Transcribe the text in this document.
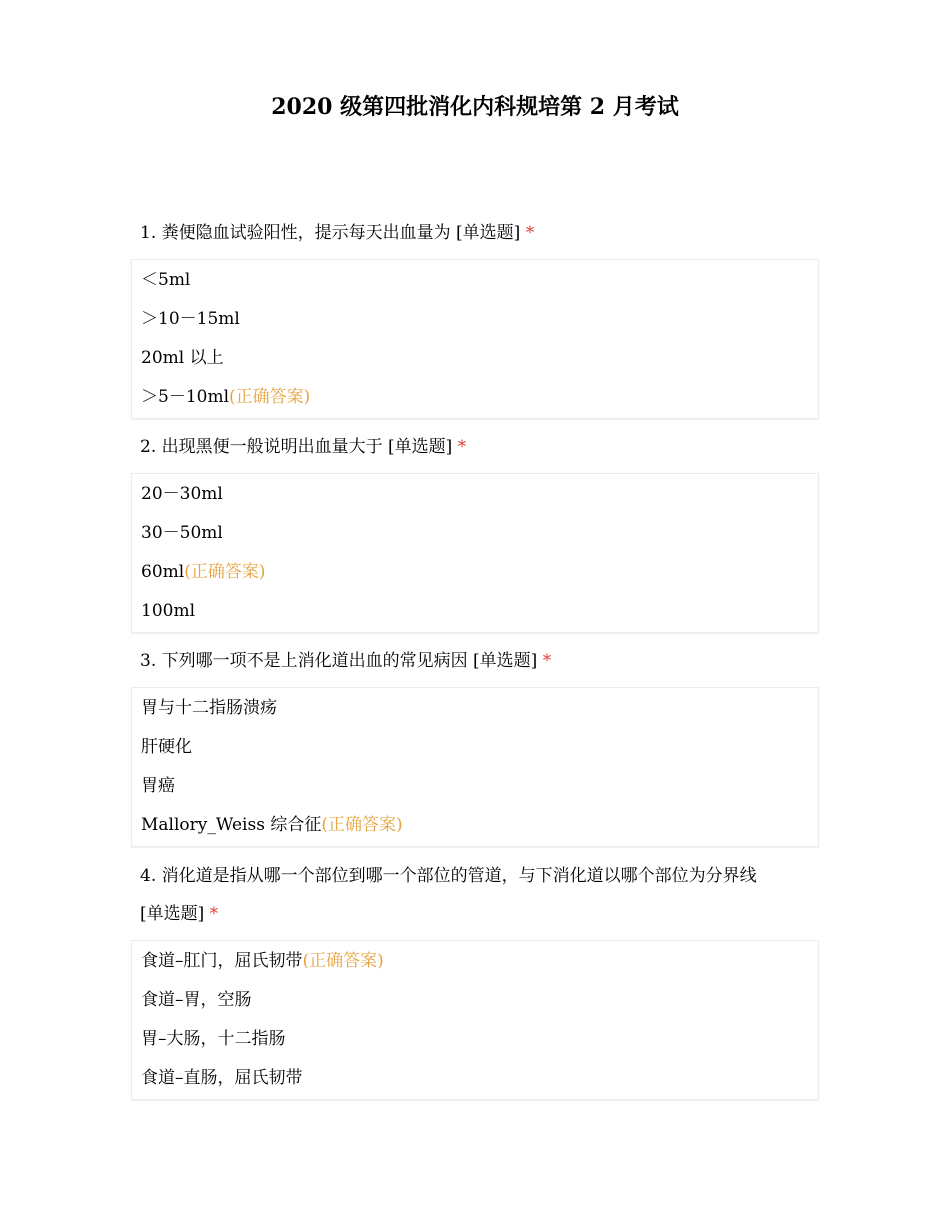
2020 级第四批消化内科规培第 2 月考试

1. 粪便隐血试验阳性，提示每天出血量为 [单选题] *

＜5ml
＞10－15ml
20ml 以上
＞5－10ml(正确答案)

2. 出现黑便一般说明出血量大于 [单选题] *

20－30ml
30－50ml
60ml(正确答案)
100ml

3. 下列哪一项不是上消化道出血的常见病因 [单选题] *

胃与十二指肠溃疡
肝硬化
胃癌
Mallory_Weiss 综合征(正确答案)

4. 消化道是指从哪一个部位到哪一个部位的管道，与下消化道以哪个部位为分界线
[单选题] *

食道–肛门，屈氏韧带(正确答案)
食道–胃，空肠
胃–大肠，十二指肠
食道–直肠，屈氏韧带
